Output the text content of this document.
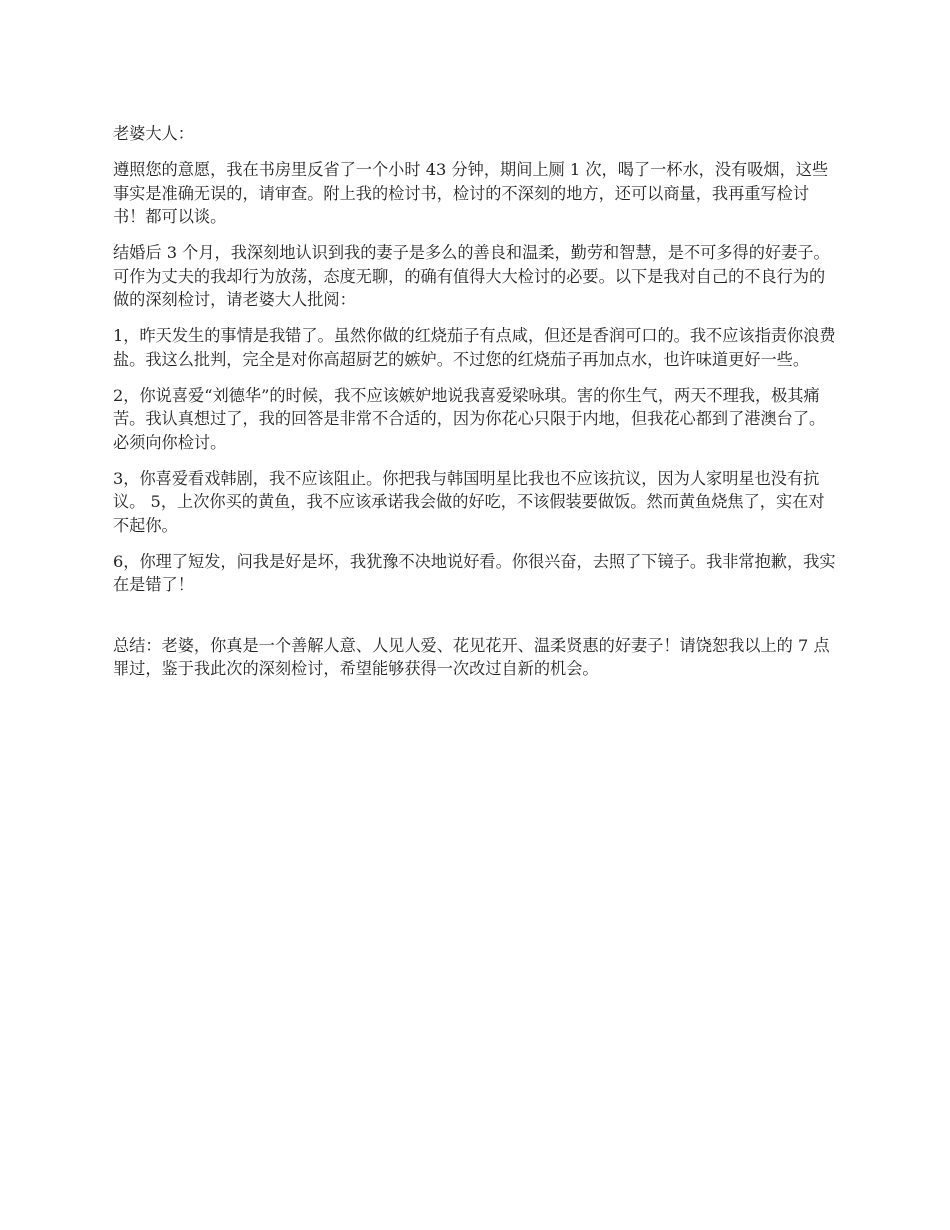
老婆大人：

遵照您的意愿，我在书房里反省了一个小时 43 分钟，期间上厕 1 次，喝了一杯水，没有吸烟，这些事实是准确无误的，请审查。附上我的检讨书，检讨的不深刻的地方，还可以商量，我再重写检讨书！都可以谈。

结婚后 3 个月，我深刻地认识到我的妻子是多么的善良和温柔，勤劳和智慧，是不可多得的好妻子。可作为丈夫的我却行为放荡，态度无聊，的确有值得大大检讨的必要。以下是我对自己的不良行为的做的深刻检讨，请老婆大人批阅：

1，昨天发生的事情是我错了。虽然你做的红烧茄子有点咸，但还是香润可口的。我不应该指责你浪费盐。我这么批判，完全是对你高超厨艺的嫉妒。不过您的红烧茄子再加点水，也许味道更好一些。

2，你说喜爱“刘德华”的时候，我不应该嫉妒地说我喜爱梁咏琪。害的你生气，两天不理我，极其痛苦。我认真想过了，我的回答是非常不合适的，因为你花心只限于内地，但我花心都到了港澳台了。必须向你检讨。

3，你喜爱看戏韩剧，我不应该阻止。你把我与韩国明星比我也不应该抗议，因为人家明星也没有抗议。 5，上次你买的黄鱼，我不应该承诺我会做的好吃，不该假装要做饭。然而黄鱼烧焦了，实在对不起你。

6，你理了短发，问我是好是坏，我犹豫不决地说好看。你很兴奋，去照了下镜子。我非常抱歉，我实在是错了！

总结：老婆，你真是一个善解人意、人见人爱、花见花开、温柔贤惠的好妻子！请饶恕我以上的 7 点罪过，鉴于我此次的深刻检讨，希望能够获得一次改过自新的机会。
